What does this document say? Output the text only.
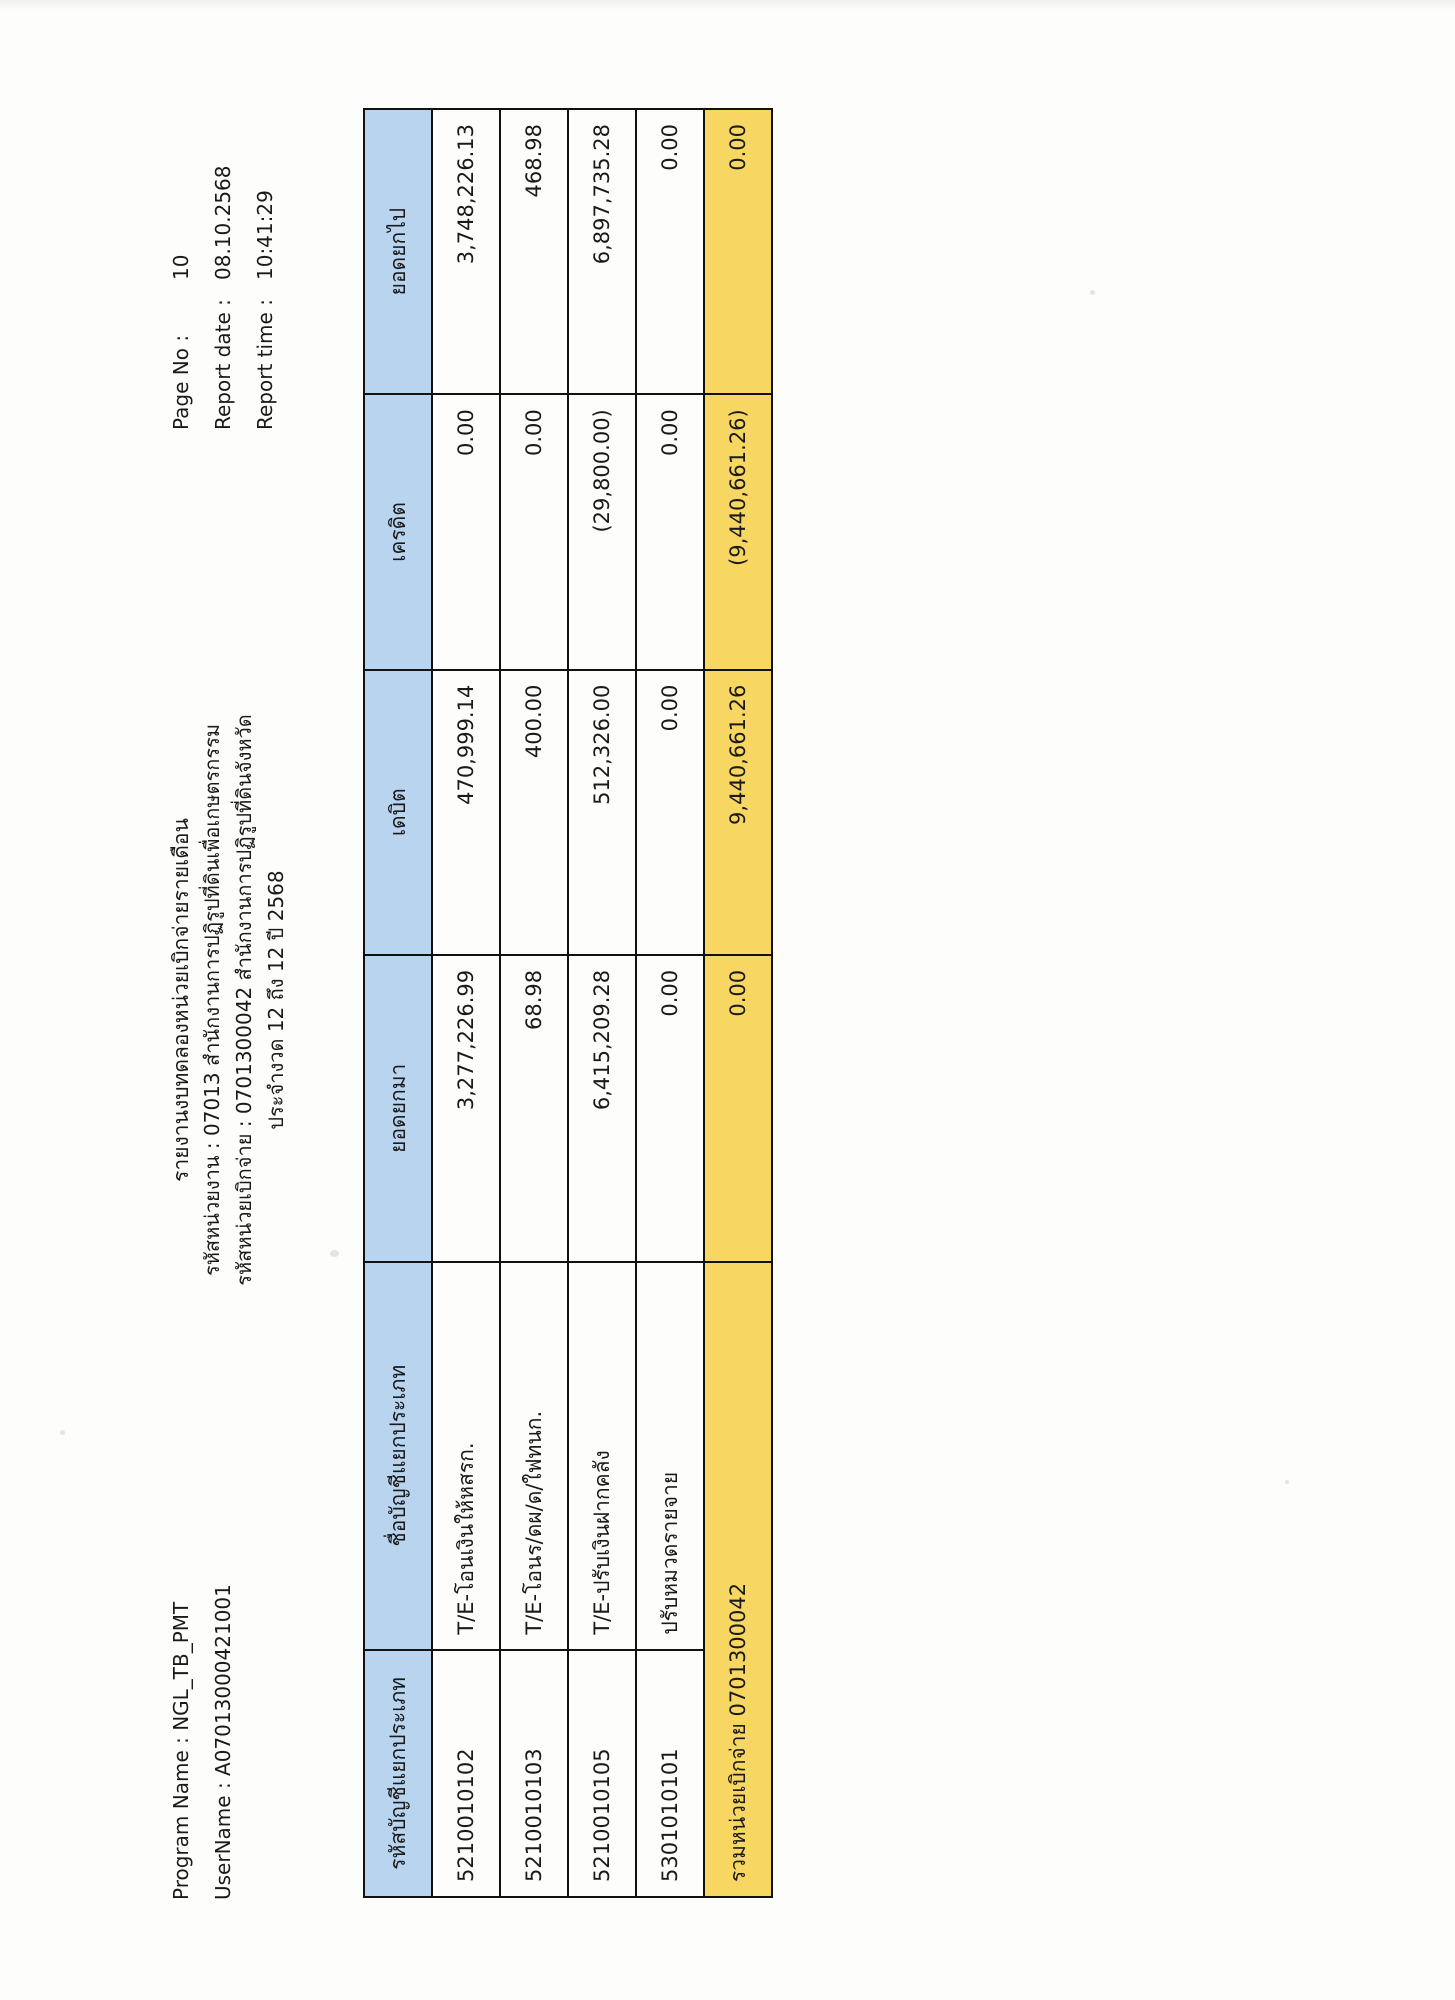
รายงานงบทดลองหน่วยเบิกจ่ายรายเดือน รหัสหน่วยงาน : 07013 สำนักงานการปฏิรูปที่ดินเพื่อเกษตรกรรม รหัสหน่วยเบิกจ่าย : 0701300042 สำนักงานการปฏิรูปที่ดินจังหวัด ประจำงวด 12 ถึง 12 ปี 2568
Program Name : NGL_TB_PMT

Page No :
10
UserName : A07013000421001

Report date :
08.10.2568

Report time :
10:41:29
รหัสบัญชีแยกประเภท	ชื่อบัญชีแยกประเภท	ยอดยกมา	เดบิต	เครดิต	ยอดยกไป
5210010102	T/E-โอนเงินให้หสรก.	3,277,226.99	470,999.14	0.00	3,748,226.13
5210010103	T/E-โอนร/ดผ/ด/ใฟทนก.	68.98	400.00	0.00	468.98
5210010105	T/E-ปรับเงินฝากคลัง	6,415,209.28	512,326.00	(29,800.00)	6,897,735.28
5301010101	ปรับหมวดรายจาย	0.00	0.00	0.00	0.00
รวมหน่วยเบิกจ่าย 0701300042		0.00	9,440,661.26	(9,440,661.26)	0.00
